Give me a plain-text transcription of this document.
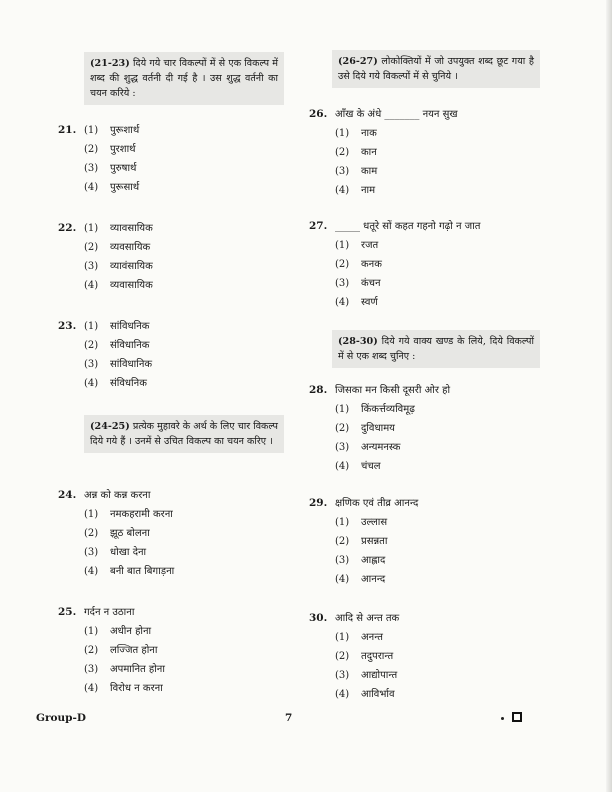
(21-23) दिये गये चार विकल्पों में से एक विकल्प में शब्द की शुद्ध वर्तनी दी गई है । उस शुद्ध वर्तनी का चयन करिये :
21. (1)	पुरूशार्थ
(2)	पुरशार्थ
(3)	पुरुषार्थ
(4)	पुरूसार्थ
22. (1)	व्यावसायिक
(2)	व्यवसायिक
(3)	व्यावंसायिक
(4)	व्यवासायिक
23. (1)	सांविधनिक
(2)	संविधानिक
(3)	सांविधानिक
(4)	संविधनिक
(24-25) प्रत्येक मुहावरे के अर्थ के लिए चार विकल्प दिये गये हैं । उनमें से उचित विकल्प का चयन करिए ।
24. अन्न को कन्न करना
(1)	नमकहरामी करना
(2)	झूठ बोलना
(3)	धोखा देना
(4)	बनी बात बिगाड़ना
25. गर्दन न उठाना
(1)	अधीन होना
(2)	लज्जित होना
(3)	अपमानित होना
(4)	विरोध न करना
(26-27) लोकोक्तियों में जो उपयुक्त शब्द छूट गया है उसे दिये गये विकल्पों में से चुनिये ।
26. आँख के अंधे _______ नयन सुख
(1)	नाक
(2)	कान
(3)	काम
(4)	नाम
27. _____ धतूरे सों कहत गहनो गढ़ो न जात
(1)	रजत
(2)	कनक
(3)	कंचन
(4)	स्वर्ण
(28-30) दिये गये वाक्य खण्ड के लिये, दिये विकल्पों में से एक शब्द चुनिए :
28. जिसका मन किसी दूसरी ओर हो
(1)	किंकर्त्तव्यविमूढ़
(2)	दुविधामय
(3)	अन्यमनस्क
(4)	चंचल
29. क्षणिक एवं तीव्र आनन्द
(1)	उल्लास
(2)	प्रसन्नता
(3)	आह्लाद
(4)	आनन्द
30. आदि से अन्त तक
(1)	अनन्त
(2)	तदुपरान्त
(3)	आद्योपान्त
(4)	आविर्भाव
Group-D	7
